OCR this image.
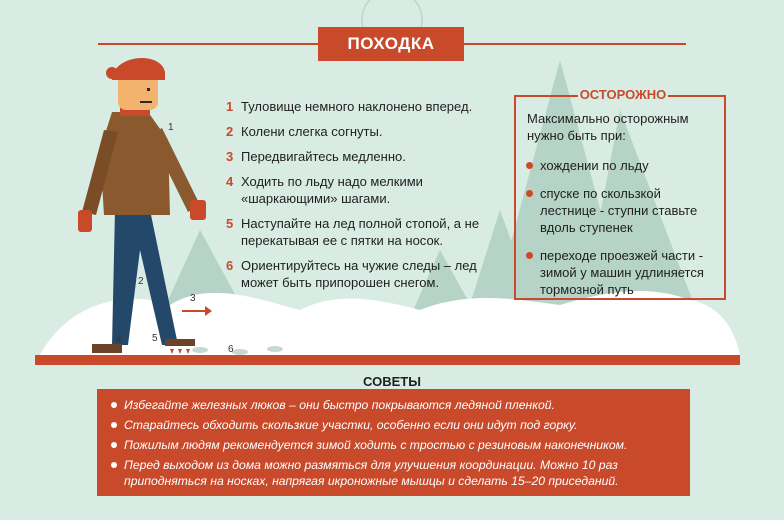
1
2
3
4	5
6
ПОХОДКА
1 Туловище немного наклонено вперед.
2 Колени слегка согнуты.
3 Передвигайтесь медленно.
4 Ходить по льду надо мелкими «шаркающими» шагами.
5 Наступайте на лед полной стопой, а не перекатывая ее с пятки на носок.
6 Ориентируйтесь на чужие следы – лед может быть припорошен снегом.
ОСТОРОЖНО
Максимально осторожным нужно быть при:
хождении по льду
спуске по скользкой лестнице - ступни ставьте вдоль ступенек
переходе проезжей части - зимой у машин удлиняется тормозной путь
СОВЕТЫ
Избегайте железных люков – они быстро покрываются ледяной пленкой.
Старайтесь обходить скользкие участки, особенно если они идут под горку.
Пожилым людям рекомендуется зимой ходить с тростью с резиновым наконечником.
Перед выходом из дома можно размяться для улучшения координации. Можно 10 раз приподняться на носках, напрягая икроножные мышцы и сделать 15–20 приседаний.
